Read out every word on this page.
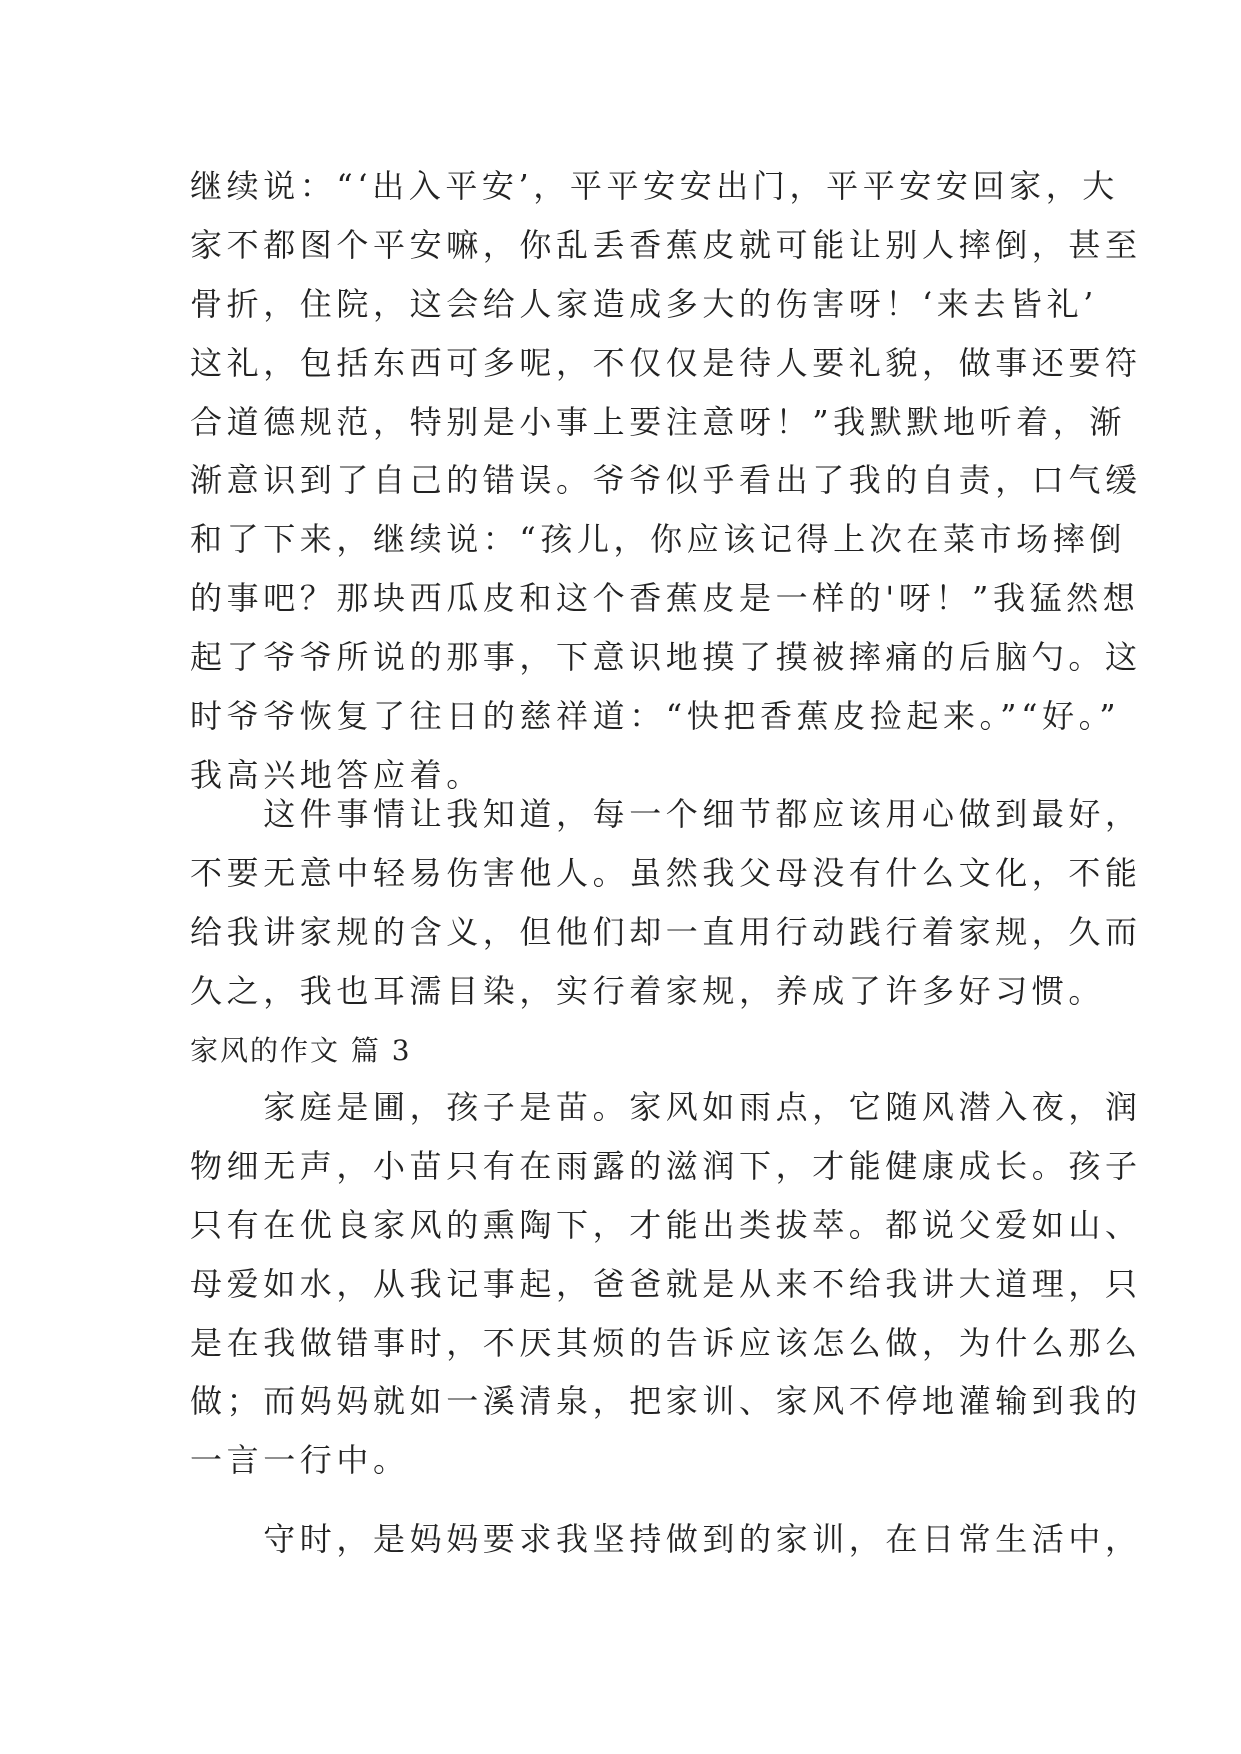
继续说：“‘出入平安’，平平安安出门，平平安安回家，大
家不都图个平安嘛，你乱丢香蕉皮就可能让别人摔倒，甚至
骨折，住院，这会给人家造成多大的伤害呀！‘来去皆礼’
这礼，包括东西可多呢，不仅仅是待人要礼貌，做事还要符
合道德规范，特别是小事上要注意呀！”我默默地听着，渐
渐意识到了自己的错误。爷爷似乎看出了我的自责，口气缓
和了下来，继续说：“孩儿，你应该记得上次在菜市场摔倒
的事吧？那块西瓜皮和这个香蕉皮是一样的'呀！”我猛然想
起了爷爷所说的那事，下意识地摸了摸被摔痛的后脑勺。这
时爷爷恢复了往日的慈祥道：“快把香蕉皮捡起来。”“好。”
我高兴地答应着。
　　这件事情让我知道，每一个细节都应该用心做到最好，
不要无意中轻易伤害他人。虽然我父母没有什么文化，不能
给我讲家规的含义，但他们却一直用行动践行着家规，久而
久之，我也耳濡目染，实行着家规，养成了许多好习惯。
家风的作文 篇 3
　　家庭是圃，孩子是苗。家风如雨点，它随风潜入夜，润
物细无声，小苗只有在雨露的滋润下，才能健康成长。孩子
只有在优良家风的熏陶下，才能出类拔萃。都说父爱如山、
母爱如水，从我记事起，爸爸就是从来不给我讲大道理，只
是在我做错事时，不厌其烦的告诉应该怎么做，为什么那么
做；而妈妈就如一溪清泉，把家训、家风不停地灌输到我的
一言一行中。
　　守时，是妈妈要求我坚持做到的家训，在日常生活中，
